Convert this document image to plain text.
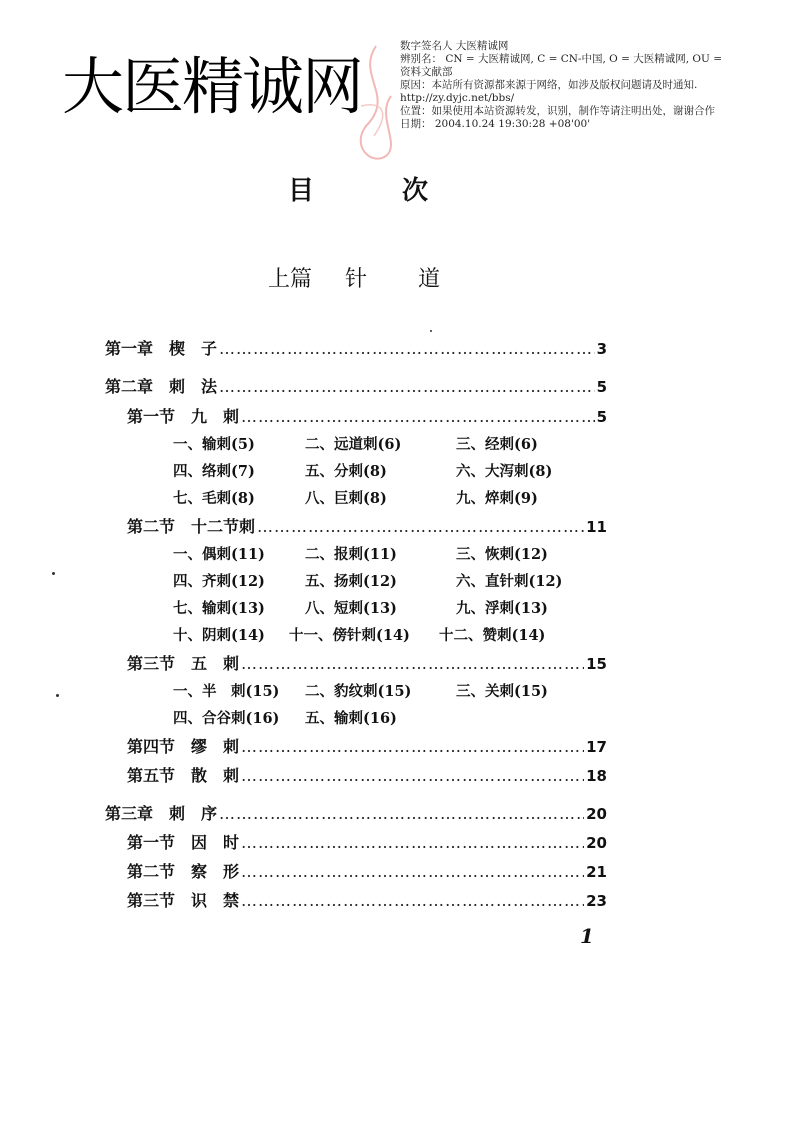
大医精诚网
数字签名人 大医精诚网
辨别名： CN = 大医精诚网, C = CN-中国, O = 大医精诚网, OU = 资料文献部
原因：本站所有资源都来源于网络，如涉及版权问题请及时通知.
http://zy.dyjc.net/bbs/
位置：如果使用本站资源转发，识别，制作等请注明出处，谢谢合作
日期： 2004.10.24 19:30:28 +08'00'
目	次
上篇 针 道
第一章　楔　子 ……………………………………………………………………………………………………………………	3
第二章　刺　法 ……………………………………………………………………………………………………………………	5
第一节　九　刺 ……………………………………………………………………………………………………………………	5
一、输刺(5)	二、远道刺(6)	三、经刺(6)
四、络刺(7)	五、分刺(8)	六、大泻刺(8)
七、毛刺(8)	八、巨刺(8)	九、焠刺(9)
第二节　十二节刺 ……………………………………………………………………………………………………………………	11
一、偶刺(11)	二、报刺(11)	三、恢刺(12)
四、齐刺(12)	五、扬刺(12)	六、直针刺(12)
七、输刺(13)	八、短刺(13)	九、浮刺(13)
十、阴刺(14) 十一、傍针刺(14) 十二、赞刺(14)
第三节　五　刺 ……………………………………………………………………………………………………………………	15
一、半　刺(15) 二、豹纹刺(15)	三、关刺(15)
四、合谷刺(16) 五、输刺(16)
第四节　缪　刺 ……………………………………………………………………………………………………………………	17
第五节　散　刺 ……………………………………………………………………………………………………………………	18
第三章　刺　序 ……………………………………………………………………………………………………………………	20
第一节　因　时 ……………………………………………………………………………………………………………………	20
第二节　察　形 ……………………………………………………………………………………………………………………	21
第三节　识　禁 ……………………………………………………………………………………………………………………	23
1
